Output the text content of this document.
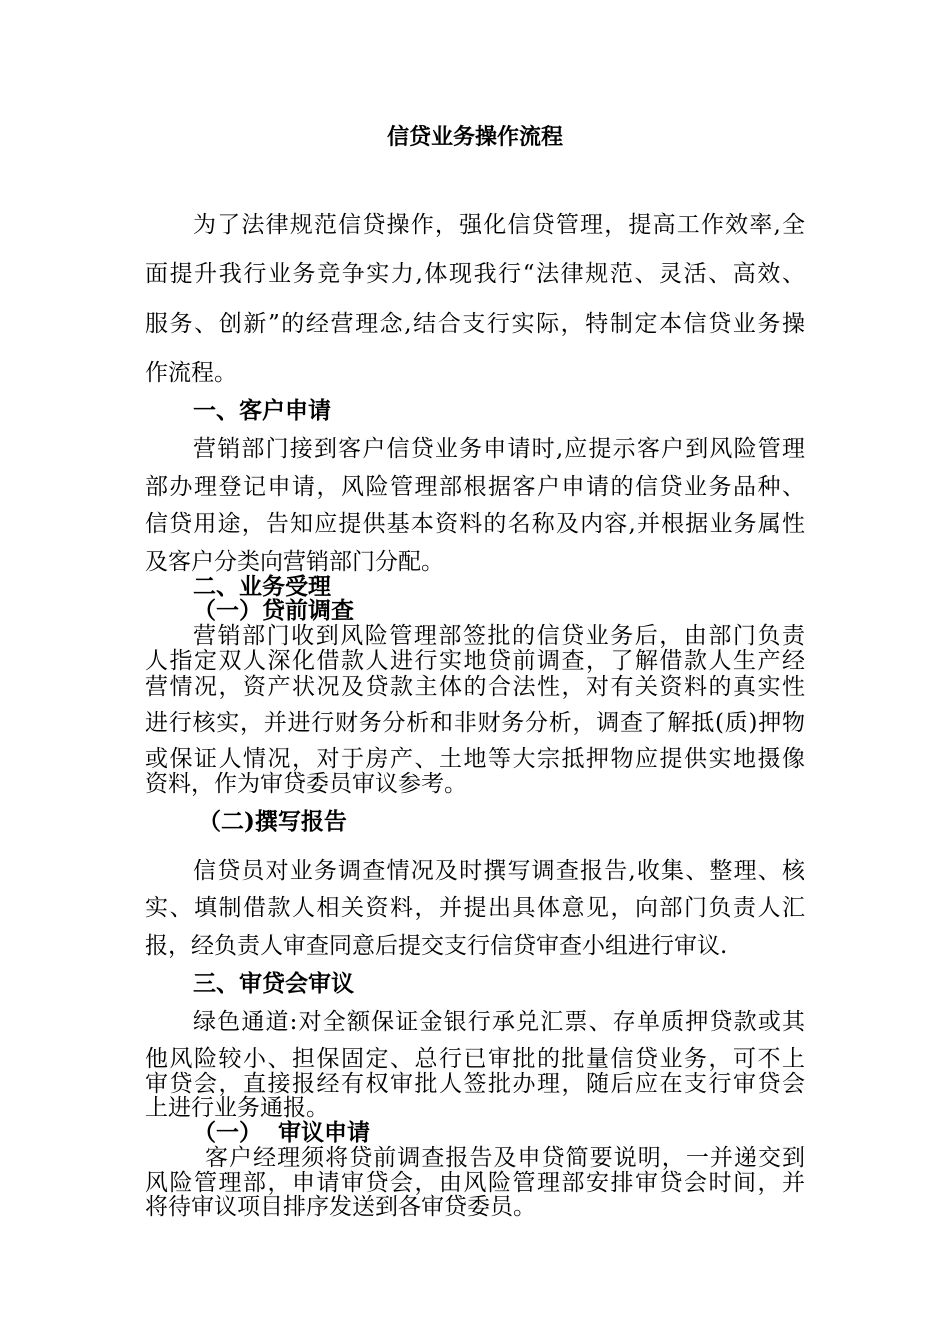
信贷业务操作流程
为了法律规范信贷操作，强化信贷管理，提高工作效率,全
面提升我行业务竞争实力,体现我行“法律规范、灵活、高效、
服务、创新”的经营理念,结合支行实际，特制定本信贷业务操
作流程。
一、客户申请
营销部门接到客户信贷业务申请时,应提示客户到风险管理
部办理登记申请，风险管理部根据客户申请的信贷业务品种、
信贷用途，告知应提供基本资料的名称及内容,并根据业务属性
及客户分类向营销部门分配。
二、业务受理
（一）贷前调查
营销部门收到风险管理部签批的信贷业务后，由部门负责
人指定双人深化借款人进行实地贷前调查，了解借款人生产经
营情况，资产状况及贷款主体的合法性，对有关资料的真实性
进行核实，并进行财务分析和非财务分析，调查了解抵(质)押物
或保证人情况，对于房产、土地等大宗抵押物应提供实地摄像
资料，作为审贷委员审议参考。
（二)撰写报告
信贷员对业务调查情况及时撰写调查报告,收集、整理、核
实、填制借款人相关资料，并提出具体意见，向部门负责人汇
报，经负责人审查同意后提交支行信贷审查小组进行审议.
三、审贷会审议
绿色通道:对全额保证金银行承兑汇票、存单质押贷款或其
他风险较小、担保固定、总行已审批的批量信贷业务，可不上
审贷会，直接报经有权审批人签批办理，随后应在支行审贷会
上进行业务通报。
（一）  审议申请
客户经理须将贷前调查报告及申贷简要说明，一并递交到
风险管理部，申请审贷会，由风险管理部安排审贷会时间，并
将待审议项目排序发送到各审贷委员。
